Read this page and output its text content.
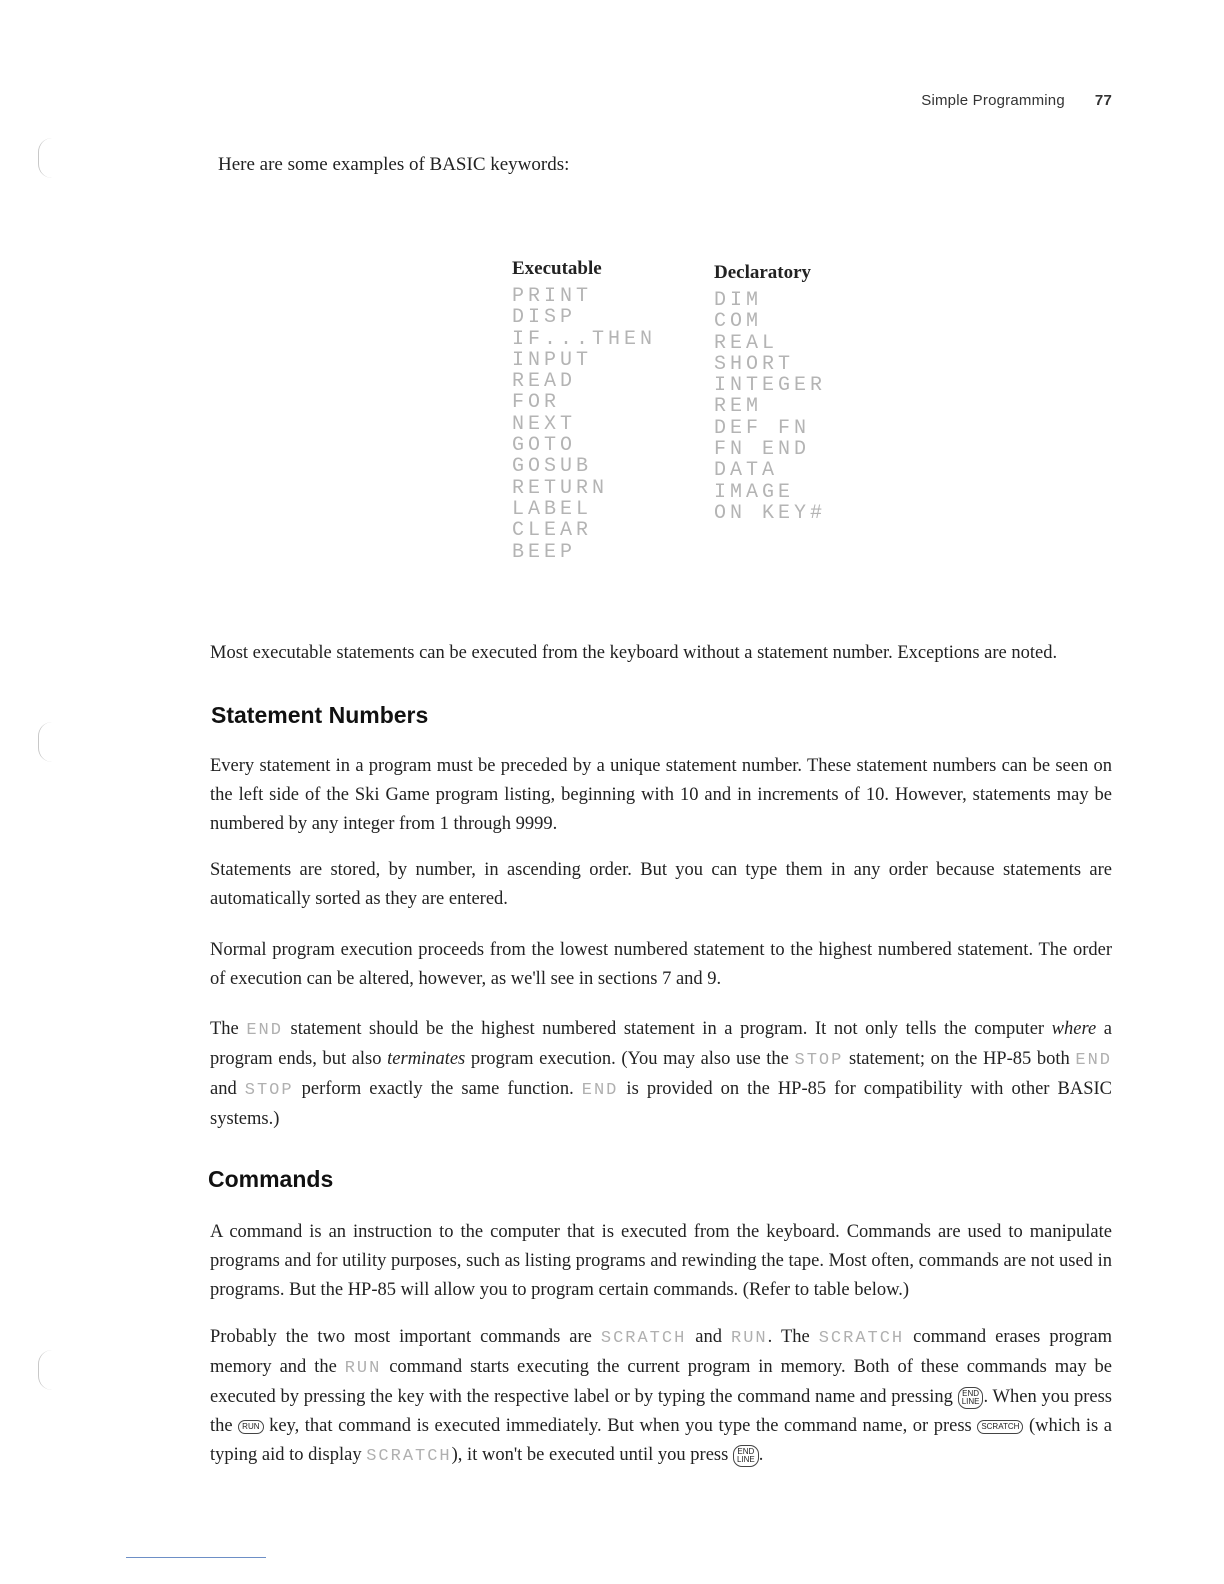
Simple Programming 77
Here are some examples of BASIC keywords:
Executable
PRINT
DISP
IF...THEN
INPUT
READ
FOR
NEXT
GOTO
GOSUB
RETURN
LABEL
CLEAR
BEEP
Declaratory
DIM
COM
REAL
SHORT
INTEGER
REM
DEF FN
FN END
DATA
IMAGE
ON KEY#

Most executable statements can be executed from the keyboard without a statement number. Exceptions are noted.

Statement Numbers

Every statement in a program must be preceded by a unique statement number. These statement numbers can be seen on the left side of the Ski Game program listing, beginning with 10 and in increments of 10. However, statements may be numbered by any integer from 1 through 9999.

Statements are stored, by number, in ascending order. But you can type them in any order because statements are automatically sorted as they are entered.

Normal program execution proceeds from the lowest numbered statement to the highest numbered statement. The order of execution can be altered, however, as we'll see in sections 7 and 9.

The END statement should be the highest numbered statement in a program. It not only tells the computer where a program ends, but also terminates program execution. (You may also use the STOP statement; on the HP-85 both END and STOP perform exactly the same function. END is provided on the HP-85 for compatibility with other BASIC systems.)

Commands

A command is an instruction to the computer that is executed from the keyboard. Commands are used to manipulate programs and for utility purposes, such as listing programs and rewinding the tape. Most often, commands are not used in programs. But the HP-85 will allow you to program certain commands. (Refer to table below.)

Probably the two most important commands are SCRATCH and RUN. The SCRATCH command erases program memory and the RUN command starts executing the current program in memory. Both of these commands may be executed by pressing the key with the respective label or by typing the command name and pressing END
LINE . When you press the RUN key, that command is executed immediately. But when you type the command name, or press SCRATCH (which is a typing aid to display SCRATCH), it won't be executed until you press END
LINE .
